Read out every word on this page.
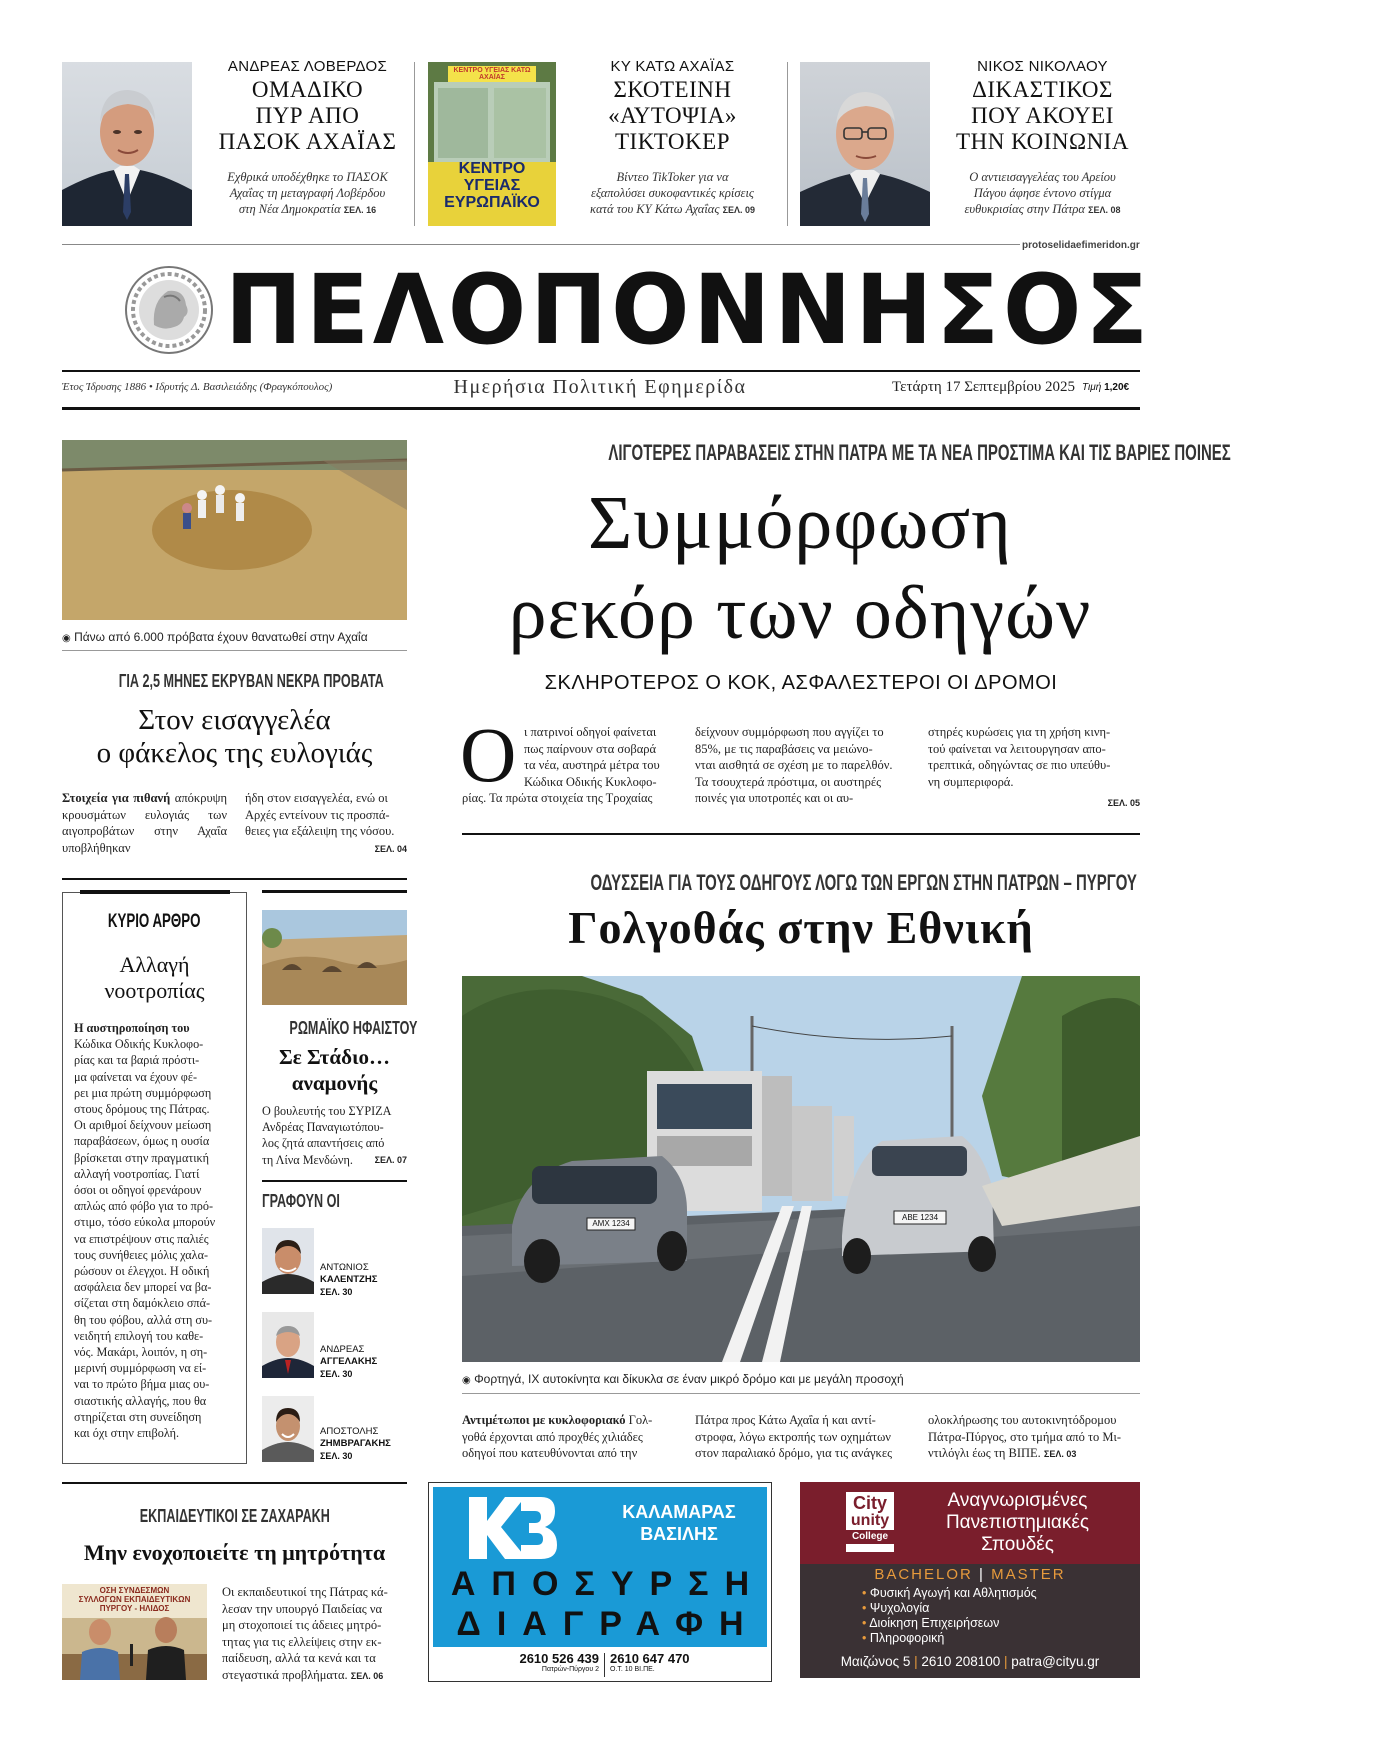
ΑΝΔΡΕΑΣ ΛΟΒΕΡΔΟΣ
ΟΜΑΔΙΚΟ
ΠΥΡ ΑΠΟ
ΠΑΣΟΚ ΑΧΑΪΑΣ
Εχθρικά υποδέχθηκε το ΠΑΣΟΚ
Αχαΐας τη μεταγραφή Λοβέρδου
στη Νέα Δημοκρατία ΣΕΛ. 16
ΚΕΝΤΡΟ ΥΓΕΙΑΣ ΚΑΤΩ ΑΧΑΪΑΣ
ΚΕΝΤΡΟ
ΥΓΕΙΑΣ
ΕΥΡΩΠΑΪΚΟ
ΚΥ ΚΑΤΩ ΑΧΑΪΑΣ
ΣΚΟΤΕΙΝΗ
«ΑΥΤΟΨΙΑ»
ΤΙΚΤΟΚΕΡ
Βίντεο TikToker για να
εξαπολύσει συκοφαντικές κρίσεις
κατά του ΚΥ Κάτω Αχαΐας ΣΕΛ. 09
ΝΙΚΟΣ ΝΙΚΟΛΑΟΥ
ΔΙΚΑΣΤΙΚΟΣ
ΠΟΥ ΑΚΟΥΕΙ
ΤΗΝ ΚΟΙΝΩΝΙΑ
Ο αντιεισαγγελέας του Αρείου
Πάγου άφησε έντονο στίγμα
ευθυκρισίας στην Πάτρα ΣΕΛ. 08
protoselidaefimeridon.gr
ΠΕΛΟΠΟΝΝΗΣΟΣ
Έτος Ίδρυσης 1886 • Ιδρυτής Δ. Βασιλειάδης (Φραγκόπουλος)	Ημερήσια Πολιτική Εφημερίδα	Τετάρτη 17 Σεπτεμβρίου 2025 Τιμή 1,20€
◉ Πάνω από 6.000 πρόβατα έχουν θανατωθεί στην Αχαΐα
ΓΙΑ 2,5 ΜΗΝΕΣ ΕΚΡΥΒΑΝ ΝΕΚΡΑ ΠΡΟΒΑΤΑ
Στον εισαγγελέα
ο φάκελος της ευλογιάς
Στοιχεία για πιθανή απόκρυψη κρουσμάτων ευλογιάς των αιγοπροβάτων στην Αχαΐα υποβλήθηκαν
ήδη στον εισαγγελέα, ενώ οι
Αρχές εντείνουν τις προσπά-
θειες για εξάλειψη της νόσου.
ΣΕΛ. 04
ΚΥΡΙΟ ΑΡΘΡΟ
Αλλαγή
νοοτροπίας
Η αυστηροποίηση του
Κώδικα Οδικής Κυκλοφο-
ρίας και τα βαριά πρόστι-
μα φαίνεται να έχουν φέ-
ρει μια πρώτη συμμόρφωση
στους δρόμους της Πάτρας.
Οι αριθμοί δείχνουν μείωση
παραβάσεων, όμως η ουσία
βρίσκεται στην πραγματική
αλλαγή νοοτροπίας. Γιατί
όσοι οι οδηγοί φρενάρουν
απλώς από φόβο για το πρό-
στιμο, τόσο εύκολα μπορούν
να επιστρέψουν στις παλιές
τους συνήθειες μόλις χαλα-
ρώσουν οι έλεγχοι. Η οδική
ασφάλεια δεν μπορεί να βα-
σίζεται στη δαμόκλειο σπά-
θη του φόβου, αλλά στη συ-
νειδητή επιλογή του καθε-
νός. Μακάρι, λοιπόν, η ση-
μερινή συμμόρφωση να εί-
ναι το πρώτο βήμα μιας ου-
σιαστικής αλλαγής, που θα
στηρίζεται στη συνείδηση
και όχι στην επιβολή.
ΡΩΜΑΪΚΟ ΗΦΑΙΣΤΟΥ
Σε Στάδιο…
αναμονής
Ο βουλευτής του ΣΥΡΙΖΑ
Ανδρέας Παναγιωτόπου-
λος ζητά απαντήσεις από
τη Λίνα Μενδώνη. ΣΕΛ. 07
ΓΡΑΦΟΥΝ ΟΙ
ΑΝΤΩΝΙΟΣ
ΚΑΛΕΝΤΖΗΣ
ΣΕΛ. 30
ΑΝΔΡΕΑΣ
ΑΓΓΕΛΑΚΗΣ
ΣΕΛ. 30
ΑΠΟΣΤΟΛΗΣ
ΖΗΜΒΡΑΓΑΚΗΣ
ΣΕΛ. 30
ΛΙΓΟΤΕΡΕΣ ΠΑΡΑΒΑΣΕΙΣ ΣΤΗΝ ΠΑΤΡΑ ΜΕ ΤΑ ΝΕΑ ΠΡΟΣΤΙΜΑ ΚΑΙ ΤΙΣ ΒΑΡΙΕΣ ΠΟΙΝΕΣ
Συμμόρφωση
ρεκόρ των οδηγών
ΣΚΛΗΡΟΤΕΡΟΣ Ο ΚΟΚ, ΑΣΦΑΛΕΣΤΕΡΟΙ ΟΙ ΔΡΟΜΟΙ
Ο ι πατρινοί οδηγοί φαίνεται
πως παίρνουν στα σοβαρά
τα νέα, αυστηρά μέτρα του
Κώδικα Οδικής Κυκλοφο-
ρίας. Τα πρώτα στοιχεία της Τροχαίας
δείχνουν συμμόρφωση που αγγίζει το
85%, με τις παραβάσεις να μειώνο-
νται αισθητά σε σχέση με το παρελθόν.
Τα τσουχτερά πρόστιμα, οι αυστηρές
ποινές για υποτροπές και οι αυ-
στηρές κυρώσεις για τη χρήση κινη-
τού φαίνεται να λειτουργησαν απο-
τρεπτικά, οδηγώντας σε πιο υπεύθυ-
νη συμπεριφορά.
ΣΕΛ. 05
ΟΔΥΣΣΕΙΑ ΓΙΑ ΤΟΥΣ ΟΔΗΓΟΥΣ ΛΟΓΩ ΤΩΝ ΕΡΓΩΝ ΣΤΗΝ ΠΑΤΡΩΝ – ΠΥΡΓΟΥ
Γολγοθάς στην Εθνική
AMX 1234
ABE 1234
◉ Φορτηγά, ΙΧ αυτοκίνητα και δίκυκλα σε έναν μικρό δρόμο και με μεγάλη προσοχή
Αντιμέτωποι με κυκλοφοριακό Γολ-
γοθά έρχονται από προχθές χιλιάδες
οδηγοί που κατευθύνονται από την
Πάτρα προς Κάτω Αχαΐα ή και αντί-
στροφα, λόγω εκτροπής των οχημάτων
στον παραλιακό δρόμο, για τις ανάγκες
ολοκλήρωσης του αυτοκινητόδρομου
Πάτρα-Πύργος, στο τμήμα από το Μι-
ντιλόγλι έως τη ΒΙΠΕ. ΣΕΛ. 03
ΕΚΠΑΙΔΕΥΤΙΚΟΙ ΣΕ ΖΑΧΑΡΑΚΗ
Μην ενοχοποιείτε τη μητρότητα
ΟΣΗ ΣΥΝΔΕΣΜΩΝ
ΣΥΛΛΟΓΩΝ ΕΚΠΑΙΔΕΥΤΙΚΩΝ
ΠΥΡΓΟΥ - ΗΛΙΔΟΣ
Οι εκπαιδευτικοί της Πάτρας κά-
λεσαν την υπουργό Παιδείας να
μη στοχοποιεί τις άδειες μητρό-
τητας για τις ελλείψεις στην εκ-
παίδευση, αλλά τα κενά και τα
στεγαστικά προβλήματα. ΣΕΛ. 06
ΚΑΛΑΜΑΡΑΣ
ΒΑΣΙΛΗΣ
ΑΠΟΣΥΡΣΗ
ΔΙΑΓΡΑΦΗ
2610 526 439
Πατρών-Πύργου 2
2610 647 470
Ο.Τ. 10 ΒΙ.ΠΕ.
City
unity
College
Αναγνωρισμένες
Πανεπιστημιακές
Σπουδές
BACHELOR | MASTER
• Φυσική Αγωγή και Αθλητισμός
• Ψυχολογία
• Διοίκηση Επιχειρήσεων
• Πληροφορική
Μαιζώνος 5 | 2610 208100 | patra@cityu.gr
